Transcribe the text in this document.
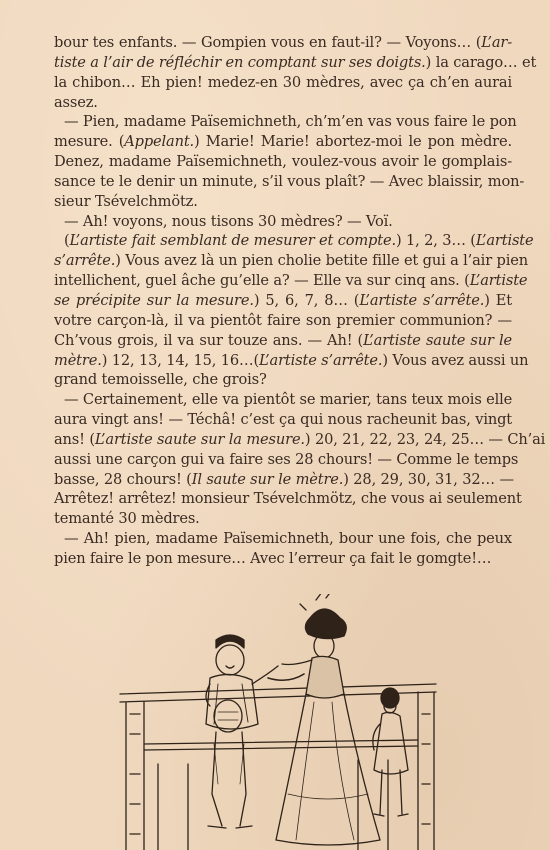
bour tes enfants. — Gompien vous en faut-il? — Voyons… (L’ar-
tiste a l’air de réfléchir en comptant sur ses doigts.) la carago… et
la chibon… Eh pien! medez-en 30 mèdres, avec ça ch’en aurai
assez.
— Pien, madame Païsemichneth, ch’m’en vas vous faire le pon
mesure. (Appelant.) Marie! Marie! abortez-moi le pon mèdre.
Denez, madame Païsemichneth, voulez-vous avoir le gomplais-
sance te le denir un minute, s’il vous plaît? — Avec blaissir, mon-
sieur Tsévelchmötz.
— Ah! voyons, nous tisons 30 mèdres? — Voï.
(L’artiste fait semblant de mesurer et compte.) 1, 2, 3… (L’artiste
s’arrête.) Vous avez là un pien cholie betite fille et gui a l’air pien
intellichent, guel âche gu’elle a? — Elle va sur cinq ans. (L’artiste
se précipite sur la mesure.) 5, 6, 7, 8… (L’artiste s’arrête.) Et
votre carçon-là, il va pientôt faire son premier communion? —
Ch’vous grois, il va sur touze ans. — Ah! (L’artiste saute sur le
mètre.) 12, 13, 14, 15, 16…(L’artiste s’arrête.) Vous avez aussi un
grand temoisselle, che grois?
— Certainement, elle va pientôt se marier, tans teux mois elle
aura vingt ans! — Téchâ! c’est ça qui nous racheunit bas, vingt
ans! (L’artiste saute sur la mesure.) 20, 21, 22, 23, 24, 25… — Ch’ai
aussi une carçon gui va faire ses 28 chours! — Comme le temps
basse, 28 chours! (Il saute sur le mètre.) 28, 29, 30, 31, 32… —
Arrêtez! arrêtez! monsieur Tsévelchmötz, che vous ai seulement
temanté 30 mèdres.
— Ah! pien, madame Païsemichneth, bour une fois, che peux
pien faire le pon mesure… Avec l’erreur ça fait le gomgte!…
